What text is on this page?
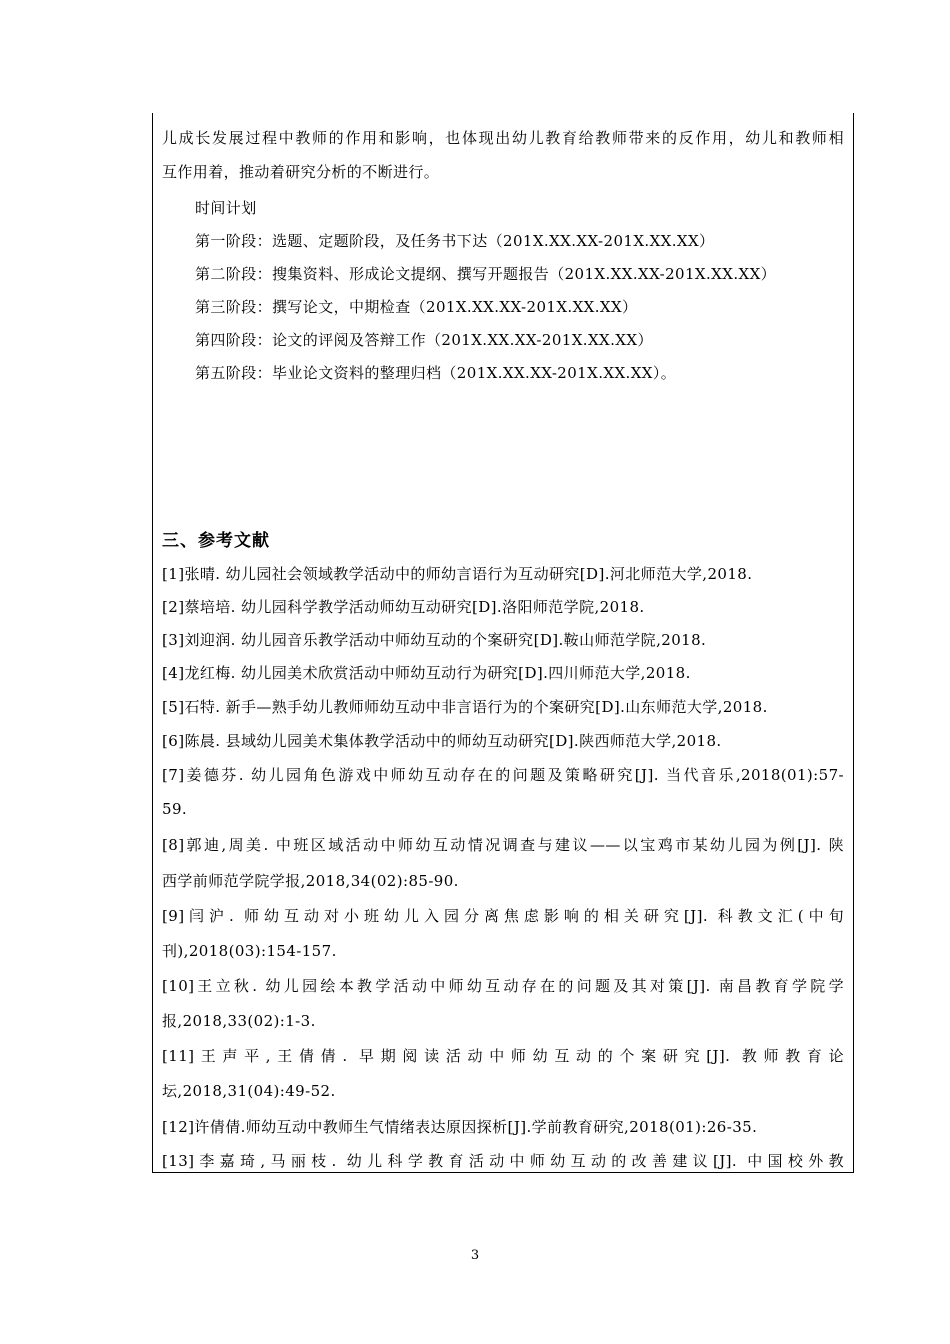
儿成长发展过程中教师的作用和影响，也体现出幼儿教育给教师带来的反作用，幼儿和教师相
互作用着，推动着研究分析的不断进行。
时间计划
第一阶段：选题、定题阶段，及任务书下达（201X.XX.XX-201X.XX.XX）
第二阶段：搜集资料、形成论文提纲、撰写开题报告（201X.XX.XX-201X.XX.XX）
第三阶段：撰写论文，中期检查（201X.XX.XX-201X.XX.XX）
第四阶段：论文的评阅及答辩工作（201X.XX.XX-201X.XX.XX）
第五阶段：毕业论文资料的整理归档（201X.XX.XX-201X.XX.XX）。
三、参考文献
[1]张晴. 幼儿园社会领域教学活动中的师幼言语行为互动研究[D].河北师范大学,2018.
[2]蔡培培. 幼儿园科学教学活动师幼互动研究[D].洛阳师范学院,2018.
[3]刘迎润. 幼儿园音乐教学活动中师幼互动的个案研究[D].鞍山师范学院,2018.
[4]龙红梅. 幼儿园美术欣赏活动中师幼互动行为研究[D].四川师范大学,2018.
[5]石特. 新手—熟手幼儿教师师幼互动中非言语行为的个案研究[D].山东师范大学,2018.
[6]陈晨. 县域幼儿园美术集体教学活动中的师幼互动研究[D].陕西师范大学,2018.
[7]姜德芬. 幼儿园角色游戏中师幼互动存在的问题及策略研究[J]. 当代音乐,2018(01):57-
59.
[8]郭迪,周美. 中班区域活动中师幼互动情况调查与建议——以宝鸡市某幼儿园为例[J]. 陕
西学前师范学院学报,2018,34(02):85-90.
[9]闫沪. 师幼互动对小班幼儿入园分离焦虑影响的相关研究[J]. 科教文汇(中旬
刊),2018(03):154-157.
[10]王立秋. 幼儿园绘本教学活动中师幼互动存在的问题及其对策[J]. 南昌教育学院学
报,2018,33(02):1-3.
[11]王声平,王倩倩. 早期阅读活动中师幼互动的个案研究[J]. 教师教育论
坛,2018,31(04):49-52.
[12]许倩倩.师幼互动中教师生气情绪表达原因探析[J].学前教育研究,2018(01):26-35.
[13]李嘉琦,马丽枝. 幼儿科学教育活动中师幼互动的改善建议[J]. 中国校外教
3
